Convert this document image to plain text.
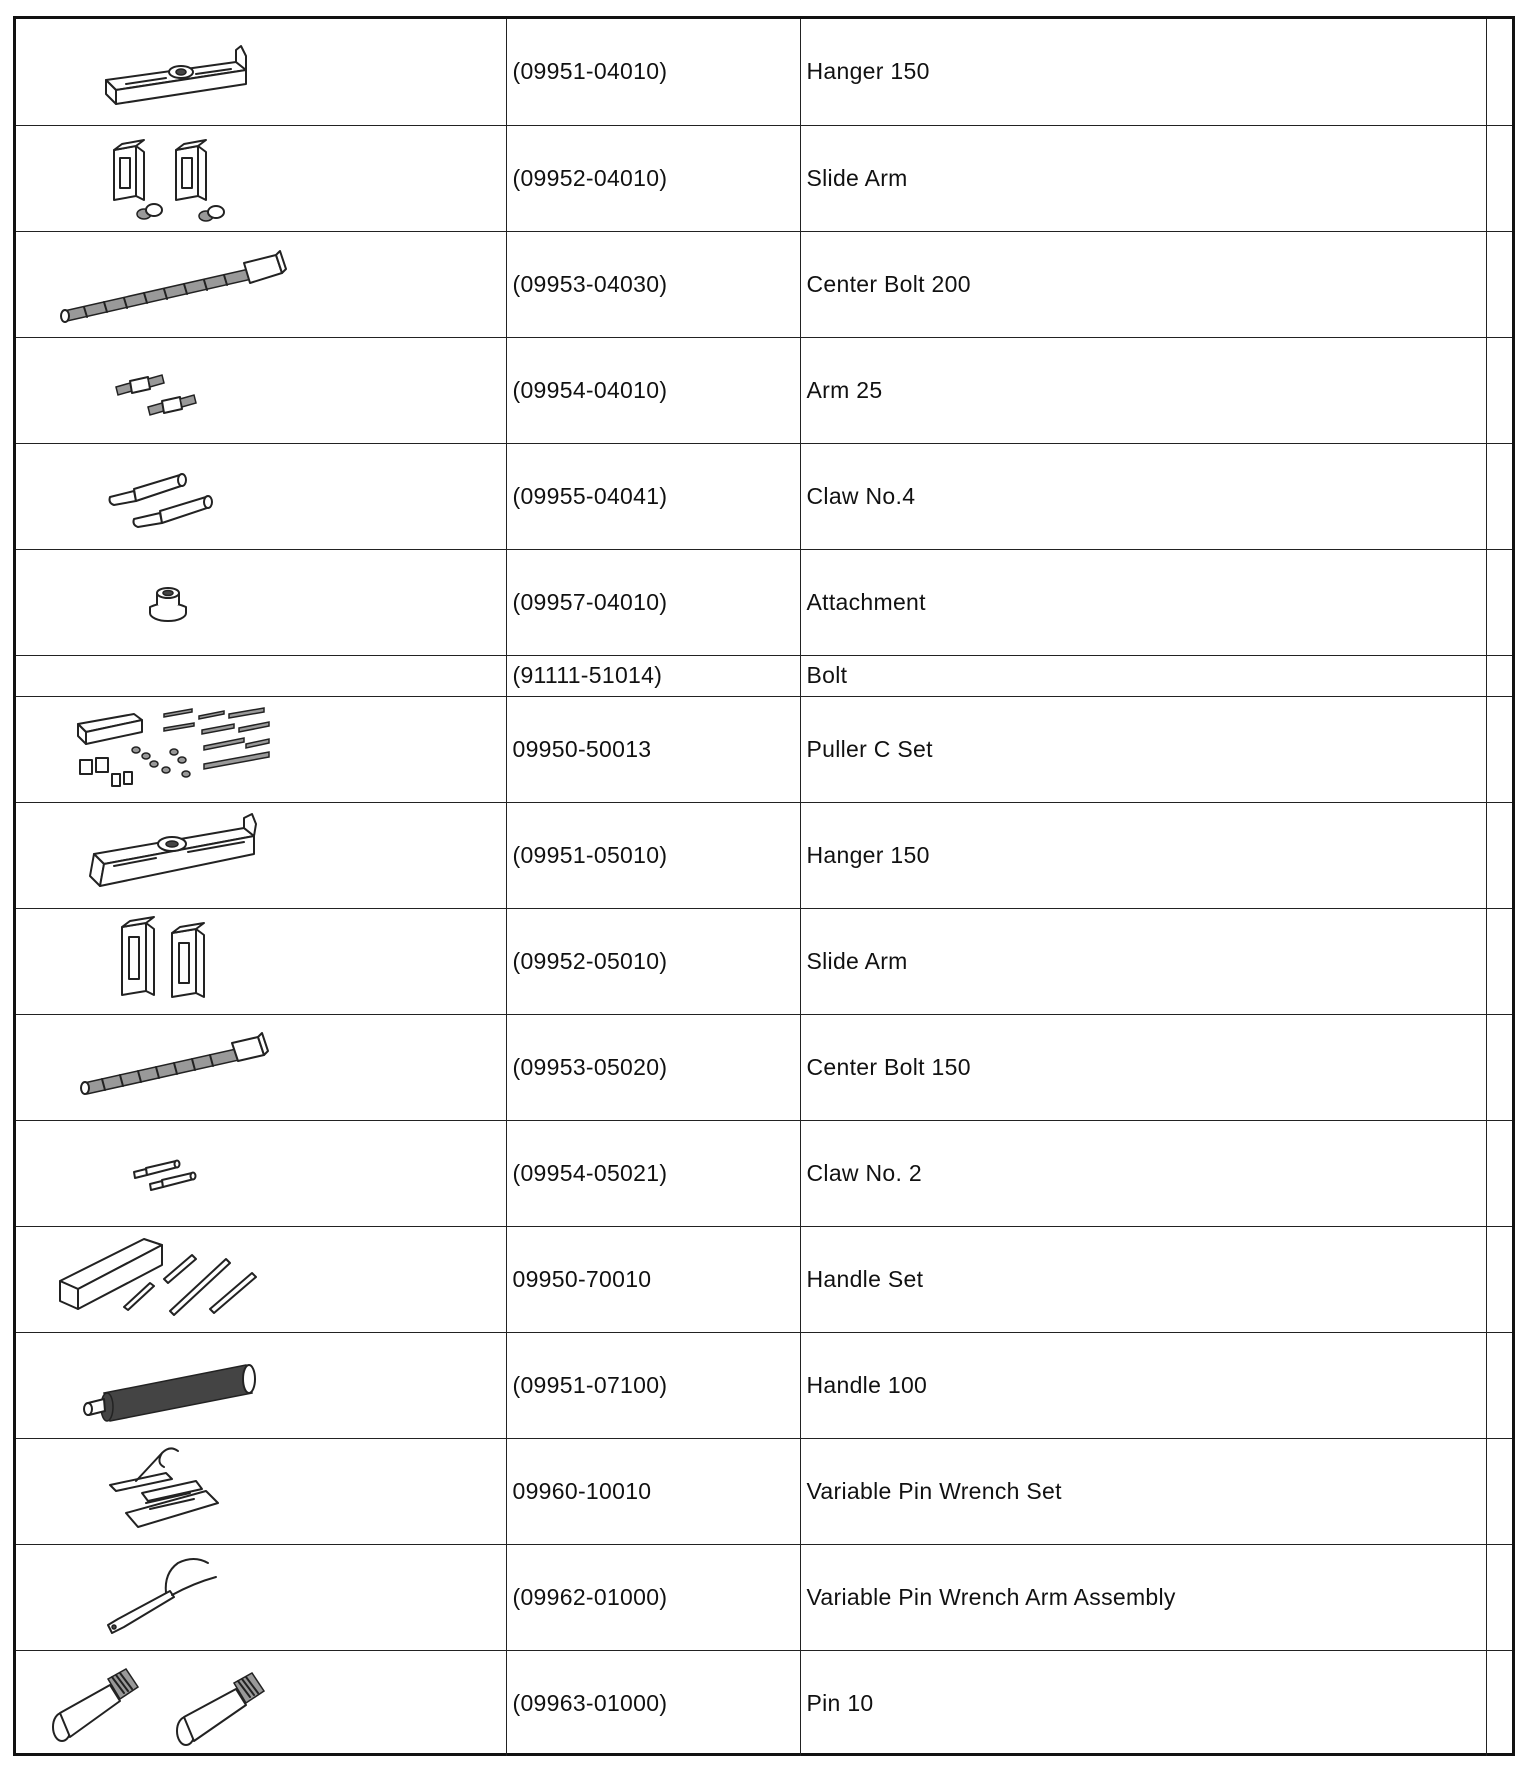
	(09951-04010)	Hanger 150	

	(09952-04010)	Slide Arm	

	(09953-04030)	Center Bolt 200	

	(09954-04010)	Arm 25	

	(09955-04041)	Claw No.4	

	(09957-04010)	Attachment	
	(91111-51014)	Bolt	

	09950-50013	Puller C Set	

	(09951-05010)	Hanger 150	

	(09952-05010)	Slide Arm	

	(09953-05020)	Center Bolt 150	

	(09954-05021)	Claw No. 2	

	09950-70010	Handle Set	

	(09951-07100)	Handle 100	

	09960-10010	Variable Pin Wrench Set	

	(09962-01000)	Variable Pin Wrench Arm Assembly	

	(09963-01000)	Pin 10	
